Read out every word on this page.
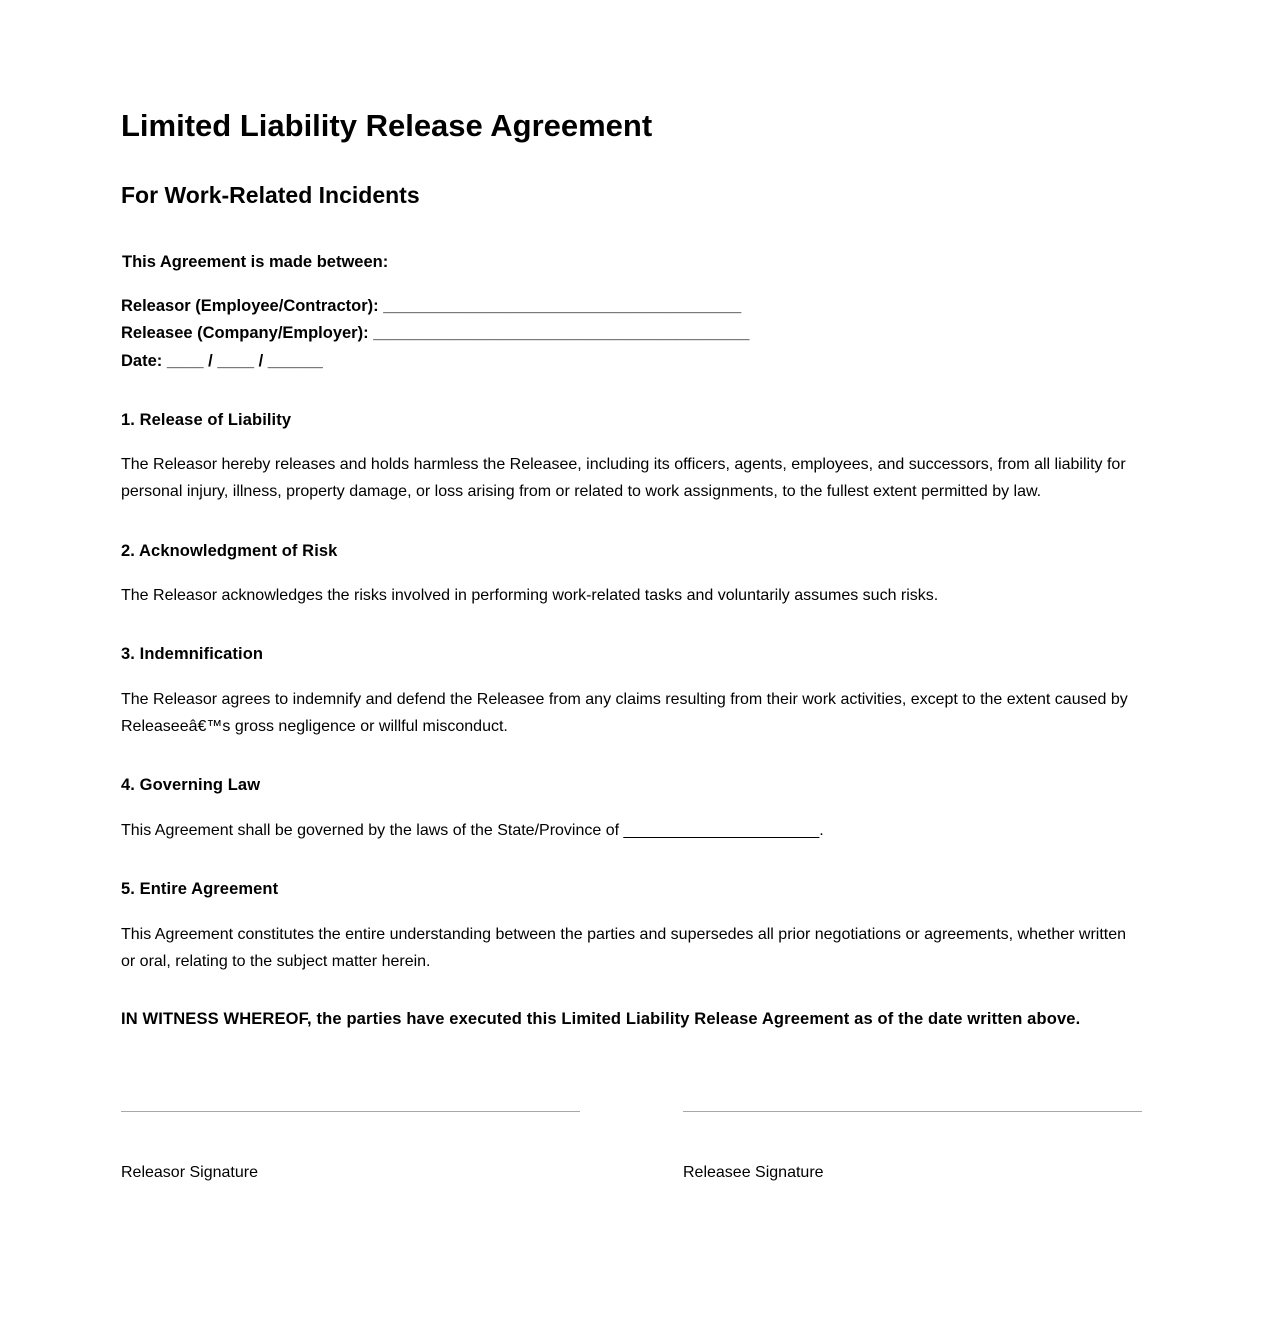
Limited Liability Release Agreement
For Work-Related Incidents
This Agreement is made between:
Releasor (Employee/Contractor): _______________________________________
Releasee (Company/Employer): _________________________________________
Date: ____ / ____ / ______
1. Release of Liability

The Releasor hereby releases and holds harmless the Releasee, including its officers, agents, employees, and successors, from all liability for personal injury, illness, property damage, or loss arising from or related to work assignments, to the fullest extent permitted by law.

2. Acknowledgment of Risk

The Releasor acknowledges the risks involved in performing work-related tasks and voluntarily assumes such risks.

3. Indemnification

The Releasor agrees to indemnify and defend the Releasee from any claims resulting from their work activities, except to the extent caused by Releaseeâ€™s gross negligence or willful misconduct.

4. Governing Law

This Agreement shall be governed by the laws of the State/Province of ______________________.

5. Entire Agreement

This Agreement constitutes the entire understanding between the parties and supersedes all prior negotiations or agreements, whether written or oral, relating to the subject matter herein.

IN WITNESS WHEREOF, the parties have executed this Limited Liability Release Agreement as of the date written above.
Releasor Signature	Releasee Signature
